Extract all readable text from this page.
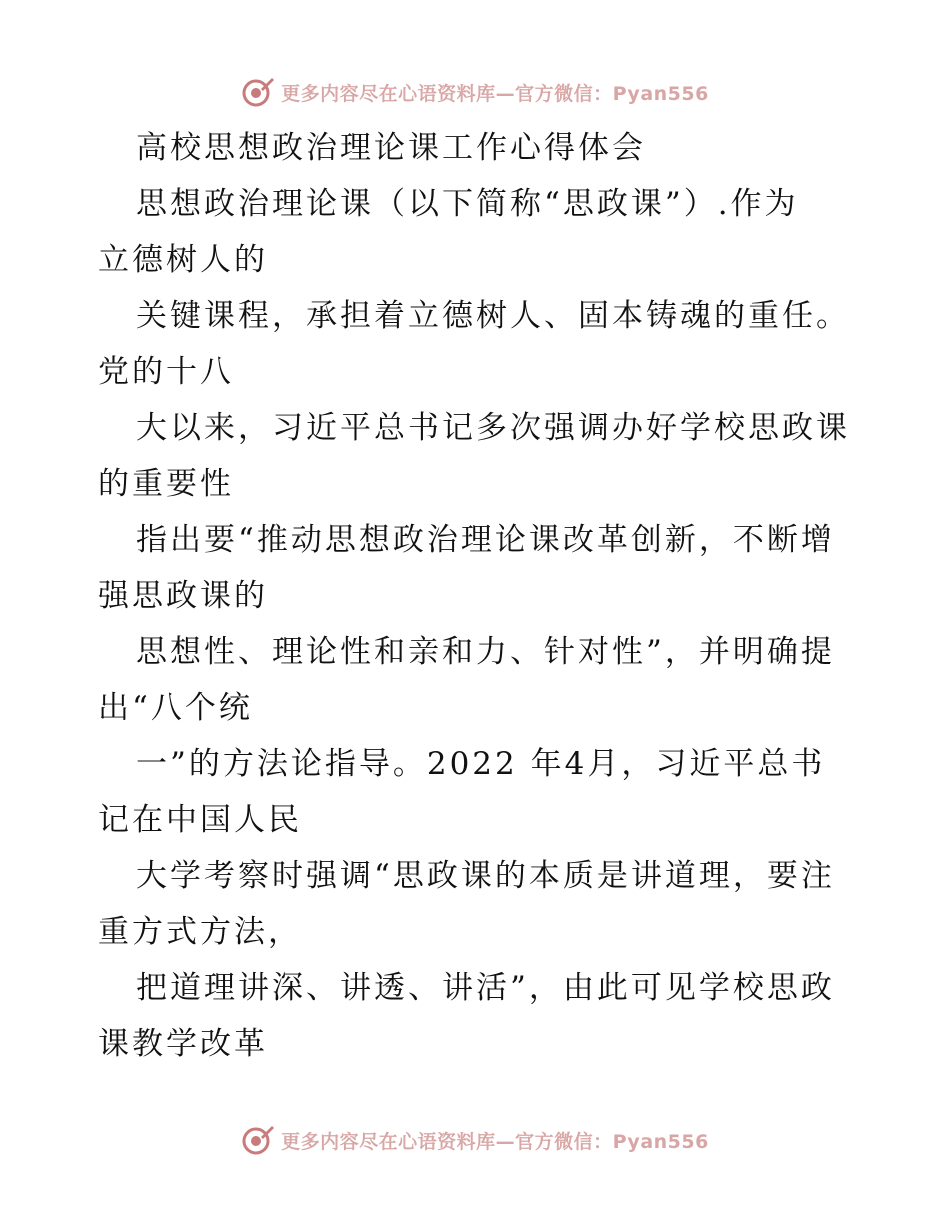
更多内容尽在心语资料库—官方微信：Pyan556
高校思想政治理论课工作心得体会
思想政治理论课（以下简称“思政课”）.作为
立德树人的
关键课程，承担着立德树人、固本铸魂的重任。
党的十八
大以来，习近平总书记多次强调办好学校思政课
的重要性
指出要“推动思想政治理论课改革创新，不断增
强思政课的
思想性、理论性和亲和力、针对性”，并明确提
出“八个统
一”的方法论指导。2022 年4月，习近平总书
记在中国人民
大学考察时强调“思政课的本质是讲道理，要注
重方式方法，
把道理讲深、讲透、讲活”，由此可见学校思政
课教学改革
更多内容尽在心语资料库—官方微信：Pyan556
